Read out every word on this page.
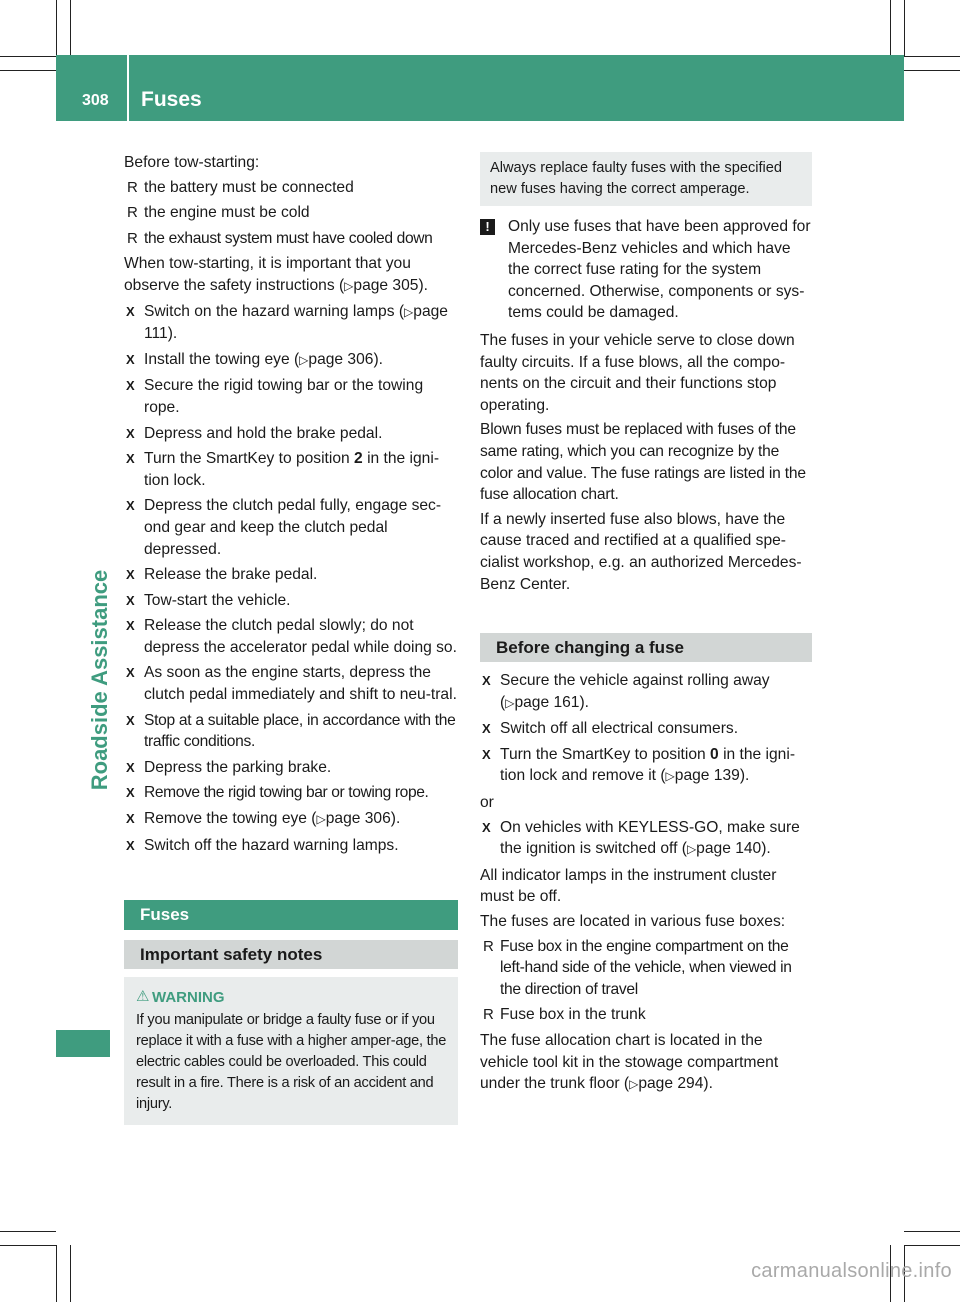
308	Fuses
Roadside Assistance

Before tow-starting:

R the battery must be connected
R the engine must be cold
R the exhaust system must have cooled down

When tow-starting, it is important that you observe the safety instructions (▷page 305).

X Switch on the hazard warning lamps (▷page 111).
X Install the towing eye (▷page 306).
X Secure the rigid towing bar or the towing rope.
X Depress and hold the brake pedal.
X Turn the SmartKey to position 2 in the igni-tion lock.
X Depress the clutch pedal fully, engage sec-ond gear and keep the clutch pedal depressed.
X Release the brake pedal.
X Tow-start the vehicle.
X Release the clutch pedal slowly; do not depress the accelerator pedal while doing so.
X As soon as the engine starts, depress the clutch pedal immediately and shift to neu-tral.
X Stop at a suitable place, in accordance with the traffic conditions.
X Depress the parking brake.
X Remove the rigid towing bar or towing rope.
X Remove the towing eye (▷page 306).
X Switch off the hazard warning lamps.
Fuses
Important safety notes
⚠ WARNING
If you manipulate or bridge a faulty fuse or if you replace it with a fuse with a higher amper-age, the electric cables could be overloaded. This could result in a fire. There is a risk of an accident and injury.
Always replace faulty fuses with the specified new fuses having the correct amperage.
!	Only use fuses that have been approved for Mercedes-Benz vehicles and which have the correct fuse rating for the system concerned. Otherwise, components or sys-tems could be damaged.

The fuses in your vehicle serve to close down faulty circuits. If a fuse blows, all the compo-nents on the circuit and their functions stop operating.

Blown fuses must be replaced with fuses of the same rating, which you can recognize by the color and value. The fuse ratings are listed in the fuse allocation chart.

If a newly inserted fuse also blows, have the cause traced and rectified at a qualified spe-cialist workshop, e.g. an authorized Mercedes-Benz Center.

Before changing a fuse
X Secure the vehicle against rolling away (▷page 161).
X Switch off all electrical consumers.
X Turn the SmartKey to position 0 in the igni-tion lock and remove it (▷page 139).

or

X On vehicles with KEYLESS-GO, make sure the ignition is switched off (▷page 140).

All indicator lamps in the instrument cluster must be off.

The fuses are located in various fuse boxes:

R Fuse box in the engine compartment on the left-hand side of the vehicle, when viewed in the direction of travel
R Fuse box in the trunk

The fuse allocation chart is located in the vehicle tool kit in the stowage compartment under the trunk floor (▷page 294).

carmanualsonline.info
